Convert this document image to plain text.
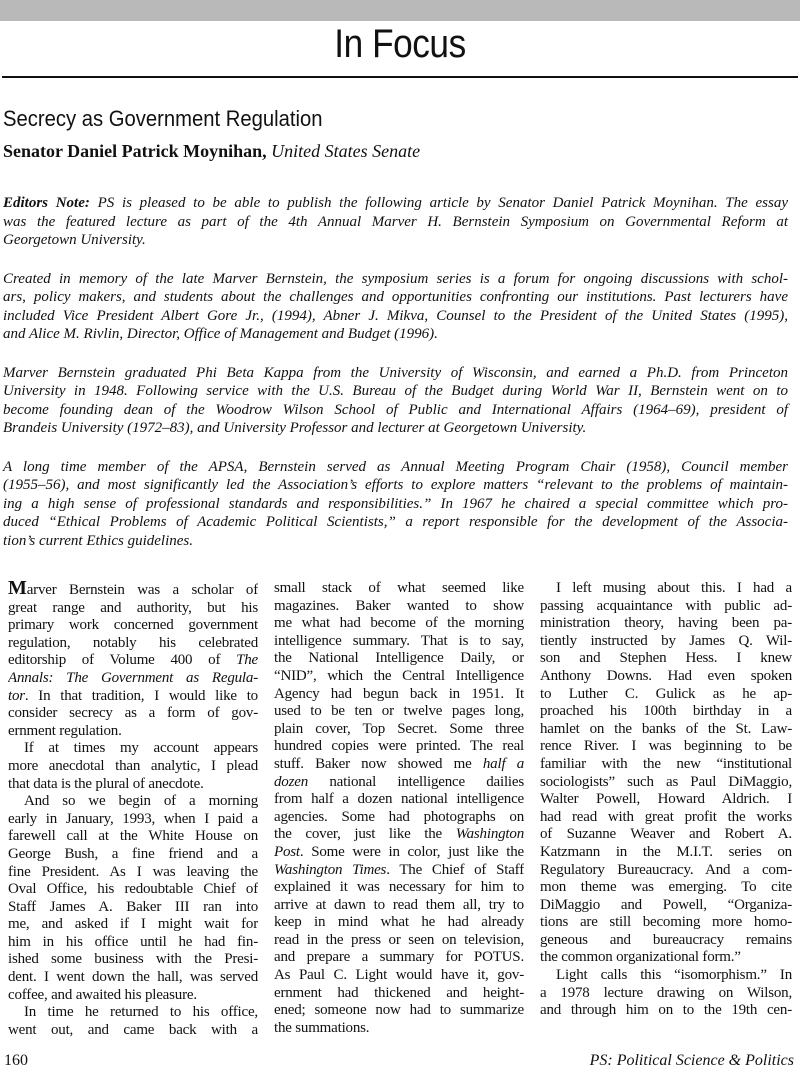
In Focus
Secrecy as Government Regulation
Senator Daniel Patrick Moynihan, United States Senate
Editors Note: PS is pleased to be able to publish the following article by Senator Daniel Patrick Moynihan. The essay
was the featured lecture as part of the 4th Annual Marver H. Bernstein Symposium on Governmental Reform at
Georgetown University.
Created in memory of the late Marver Bernstein, the symposium series is a forum for ongoing discussions with schol-
ars, policy makers, and students about the challenges and opportunities confronting our institutions. Past lecturers have
included Vice President Albert Gore Jr., (1994), Abner J. Mikva, Counsel to the President of the United States (1995),
and Alice M. Rivlin, Director, Office of Management and Budget (1996).
Marver Bernstein graduated Phi Beta Kappa from the University of Wisconsin, and earned a Ph.D. from Princeton
University in 1948. Following service with the U.S. Bureau of the Budget during World War II, Bernstein went on to
become founding dean of the Woodrow Wilson School of Public and International Affairs (1964–69), president of
Brandeis University (1972–83), and University Professor and lecturer at Georgetown University.
A long time member of the APSA, Bernstein served as Annual Meeting Program Chair (1958), Council member
(1955–56), and most significantly led the Association’s efforts to explore matters “relevant to the problems of maintain-
ing a high sense of professional standards and responsibilities.” In 1967 he chaired a special committee which pro-
duced “Ethical Problems of Academic Political Scientists,” a report responsible for the development of the Associa-
tion’s current Ethics guidelines.
Marver Bernstein was a scholar of
great range and authority, but his
primary work concerned government
regulation, notably his celebrated
editorship of Volume 400 of The
Annals: The Government as Regula-
tor. In that tradition, I would like to
consider secrecy as a form of gov-
ernment regulation.
If at times my account appears
more anecdotal than analytic, I plead
that data is the plural of anecdote.
And so we begin of a morning
early in January, 1993, when I paid a
farewell call at the White House on
George Bush, a fine friend and a
fine President. As I was leaving the
Oval Office, his redoubtable Chief of
Staff James A. Baker III ran into
me, and asked if I might wait for
him in his office until he had fin-
ished some business with the Presi-
dent. I went down the hall, was served
coffee, and awaited his pleasure.
In time he returned to his office,
went out, and came back with a
small stack of what seemed like
magazines. Baker wanted to show
me what had become of the morning
intelligence summary. That is to say,
the National Intelligence Daily, or
“NID”, which the Central Intelligence
Agency had begun back in 1951. It
used to be ten or twelve pages long,
plain cover, Top Secret. Some three
hundred copies were printed. The real
stuff. Baker now showed me half a
dozen national intelligence dailies
from half a dozen national intelligence
agencies. Some had photographs on
the cover, just like the Washington
Post. Some were in color, just like the
Washington Times. The Chief of Staff
explained it was necessary for him to
arrive at dawn to read them all, try to
keep in mind what he had already
read in the press or seen on television,
and prepare a summary for POTUS.
As Paul C. Light would have it, gov-
ernment had thickened and height-
ened; someone now had to summarize
the summations.
I left musing about this. I had a
passing acquaintance with public ad-
ministration theory, having been pa-
tiently instructed by James Q. Wil-
son and Stephen Hess. I knew
Anthony Downs. Had even spoken
to Luther C. Gulick as he ap-
proached his 100th birthday in a
hamlet on the banks of the St. Law-
rence River. I was beginning to be
familiar with the new “institutional
sociologists” such as Paul DiMaggio,
Walter Powell, Howard Aldrich. I
had read with great profit the works
of Suzanne Weaver and Robert A.
Katzmann in the M.I.T. series on
Regulatory Bureaucracy. And a com-
mon theme was emerging. To cite
DiMaggio and Powell, “Organiza-
tions are still becoming more homo-
geneous and bureaucracy remains
the common organizational form.”
Light calls this “isomorphism.” In
a 1978 lecture drawing on Wilson,
and through him on to the 19th cen-
160	PS: Political Science & Politics
